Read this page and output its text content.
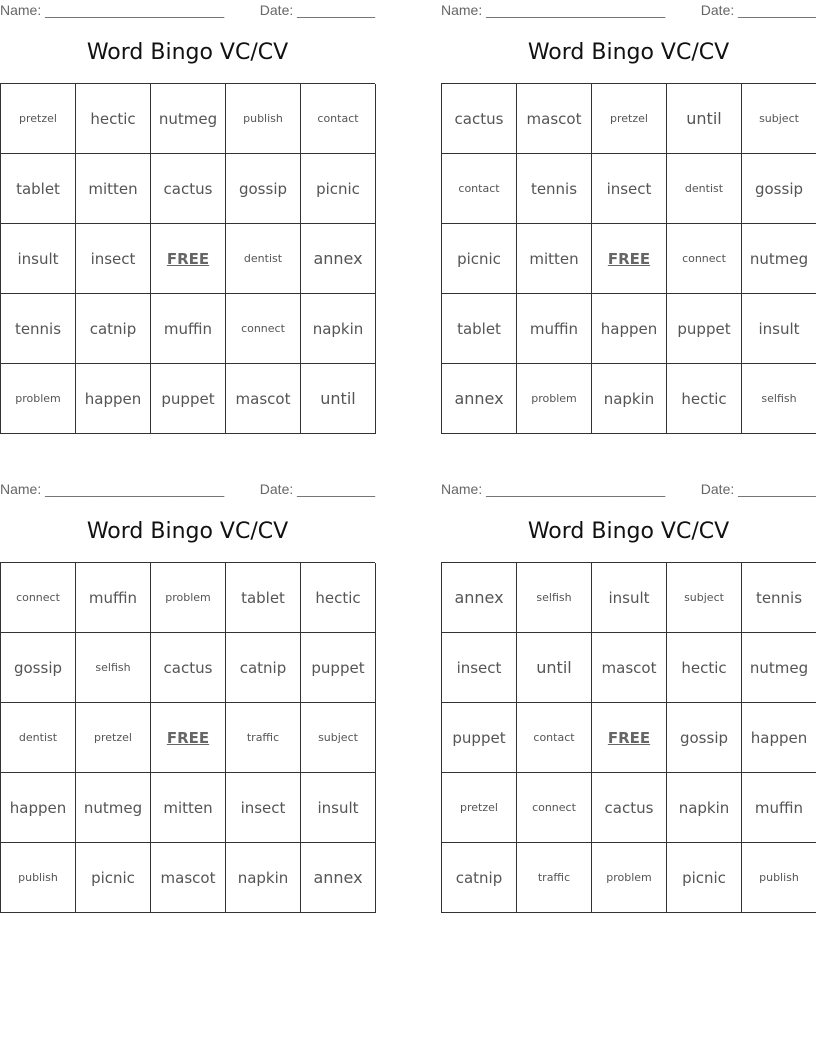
Name: _______________________	Date: __________
Word Bingo VC/CV
pretzel	hectic	nutmeg	publish	contact
tablet	mitten	cactus	gossip	picnic
insult	insect	FREE	dentist	annex
tennis	catnip	muffin	connect	napkin
problem	happen	puppet	mascot	until
Name: _______________________	Date: __________
Word Bingo VC/CV
cactus	mascot	pretzel	until	subject
contact	tennis	insect	dentist	gossip
picnic	mitten	FREE	connect	nutmeg
tablet	muffin	happen	puppet	insult
annex	problem	napkin	hectic	selfish
Name: _______________________	Date: __________
Word Bingo VC/CV
connect	muffin	problem	tablet	hectic
gossip	selfish	cactus	catnip	puppet
dentist	pretzel	FREE	traffic	subject
happen	nutmeg	mitten	insect	insult
publish	picnic	mascot	napkin	annex
Name: _______________________	Date: __________
Word Bingo VC/CV
annex	selfish	insult	subject	tennis
insect	until	mascot	hectic	nutmeg
puppet	contact	FREE	gossip	happen
pretzel	connect	cactus	napkin	muffin
catnip	traffic	problem	picnic	publish
